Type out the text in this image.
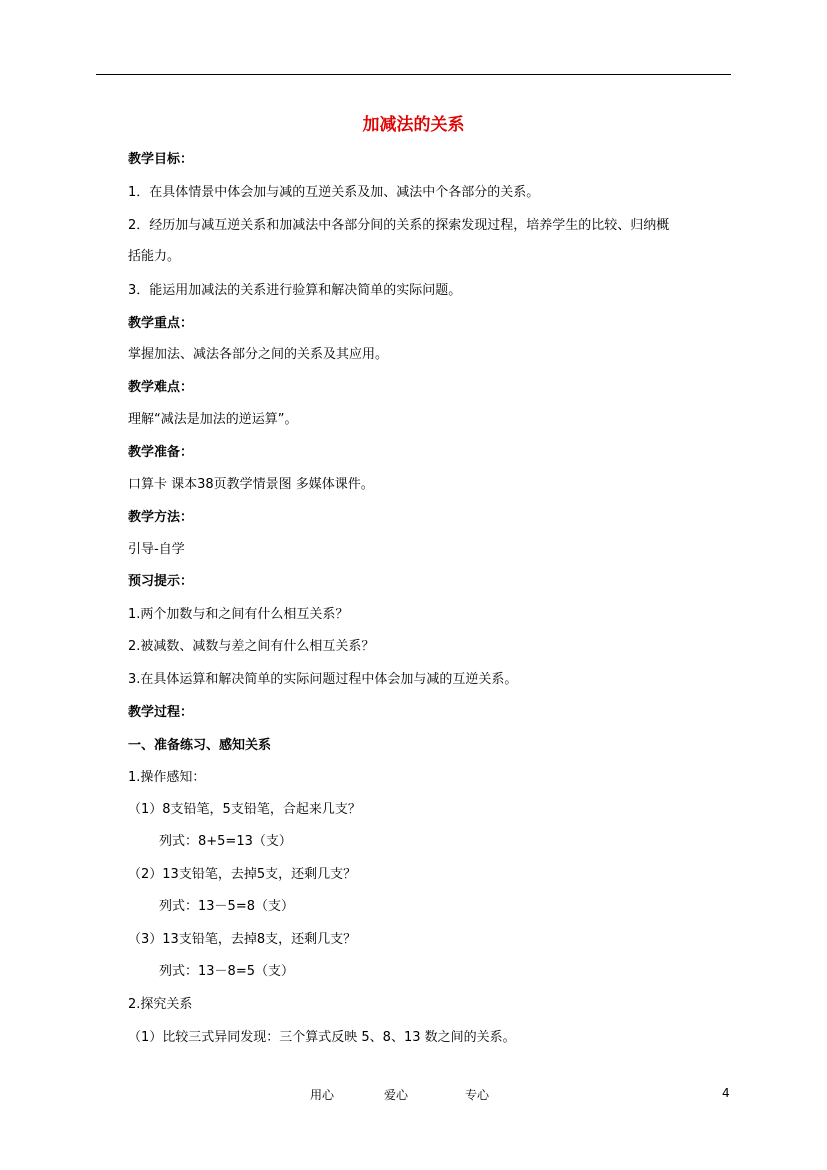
加减法的关系
教学目标：
1．在具体情景中体会加与减的互逆关系及加、减法中个各部分的关系。
2．经历加与减互逆关系和加减法中各部分间的关系的探索发现过程，培养学生的比较、归纳概
括能力。
3．能运用加减法的关系进行验算和解决简单的实际问题。
教学重点：
掌握加法、减法各部分之间的关系及其应用。
教学难点：
理解“减法是加法的逆运算”。
教学准备：
口算卡 课本38页教学情景图 多媒体课件。
教学方法：
引导-自学
预习提示：
1.两个加数与和之间有什么相互关系？
2.被减数、减数与差之间有什么相互关系？
3.在具体运算和解决简单的实际问题过程中体会加与减的互逆关系。
教学过程：
一、准备练习、感知关系
1.操作感知：
（1）8支铅笔，5支铅笔，合起来几支？
列式：8+5=13（支）
（2）13支铅笔，去掉5支，还剩几支？
列式：13－5=8（支）
（3）13支铅笔，去掉8支，还剩几支？
列式：13－8=5（支）
2.探究关系
（1）比较三式异同发现：三个算式反映 5、8、13 数之间的关系。
用心	爱心	专心	4
